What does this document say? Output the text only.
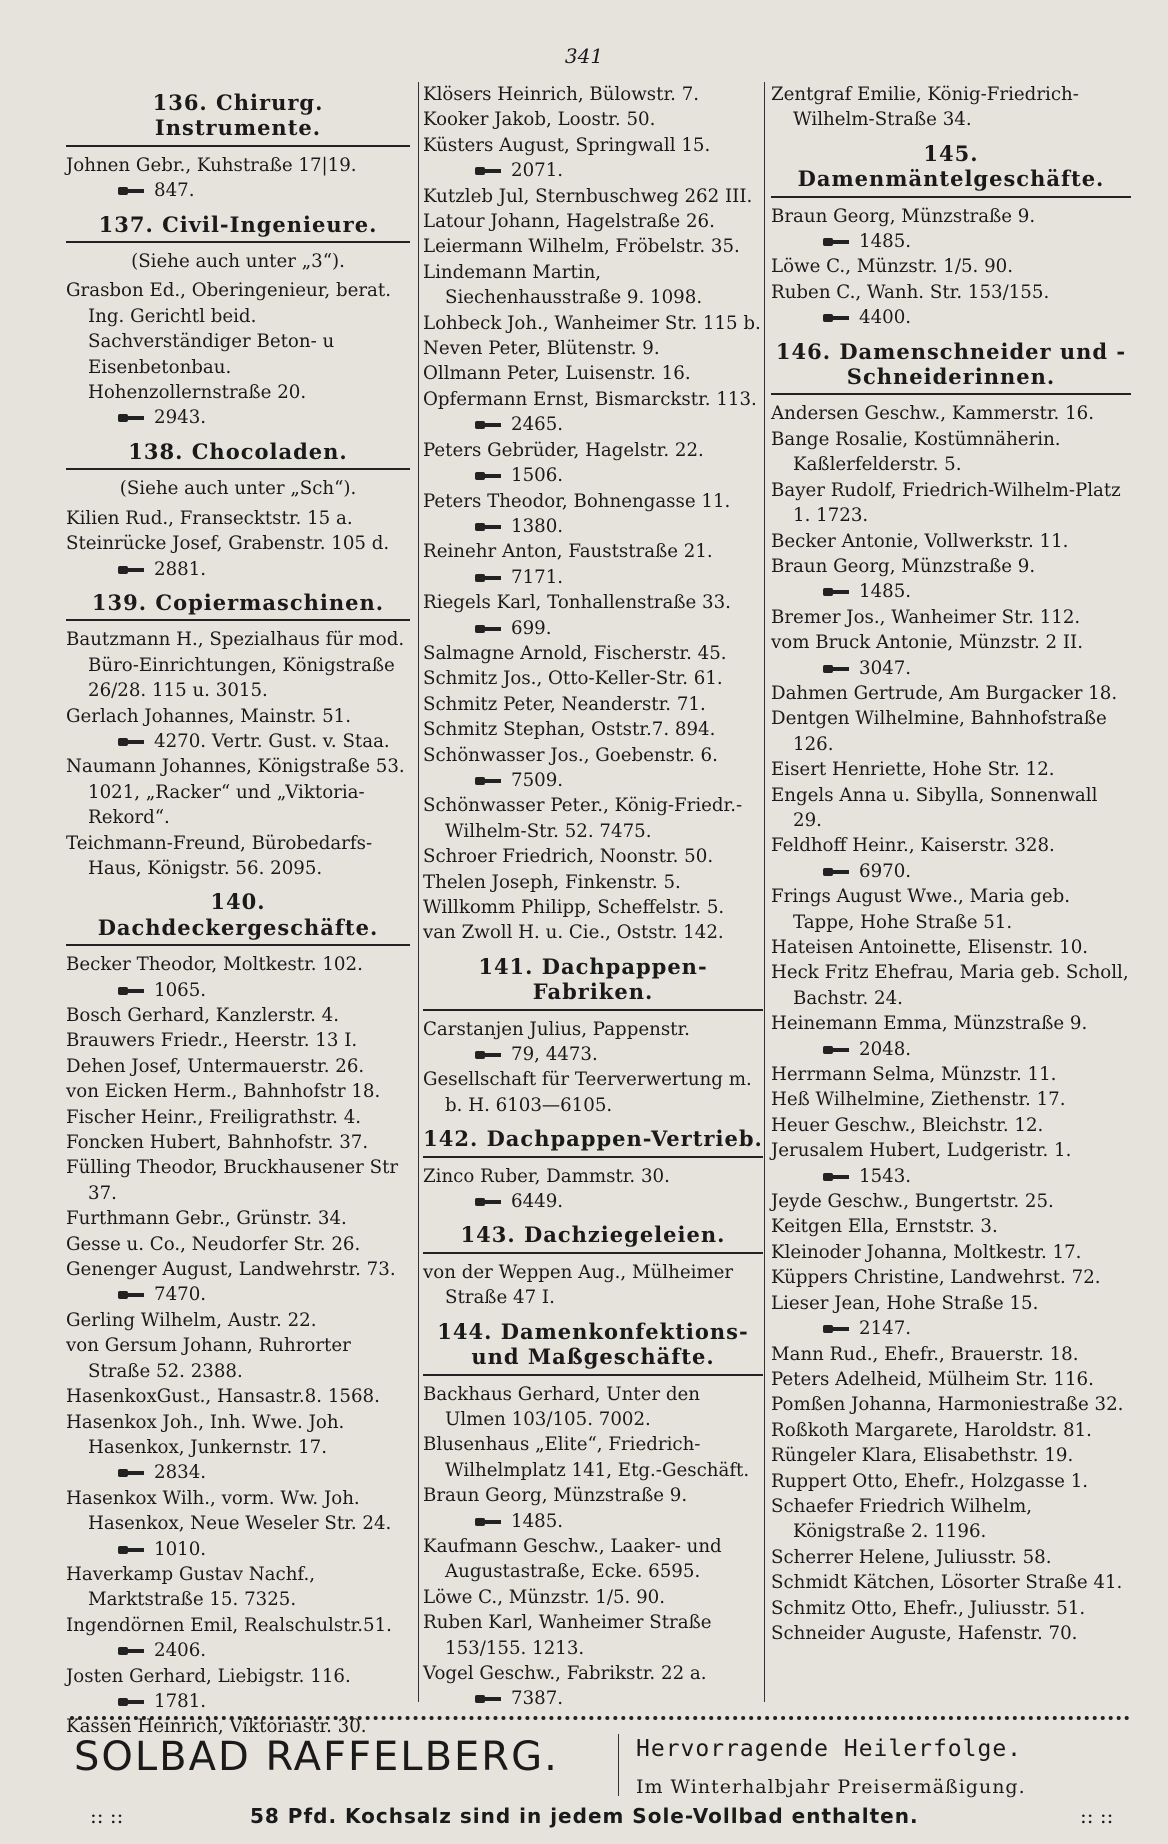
341
136. Chirurg. Instrumente.
Johnen Gebr., Kuhstraße 17|19.
847.
137. Civil-Ingenieure.
(Siehe auch unter „3“).
Grasbon Ed., Oberingenieur, berat. Ing. Gerichtl beid. Sachverständiger Beton- u Eisenbetonbau. Hohenzollernstraße 20.
2943.
138. Chocoladen.
(Siehe auch unter „Sch“).
Kilien Rud., Fransecktstr. 15 a.
Steinrücke Josef, Grabenstr. 105 d.
2881.
139. Copiermaschinen.
Bautzmann H., Spezialhaus für mod. Büro-Einrichtungen, Königstraße 26/28. 115 u. 3015.
Gerlach Johannes, Mainstr. 51.
4270. Vertr. Gust. v. Staa.
Naumann Johannes, Königstraße 53. 1021, „Racker“ und „Viktoria-Rekord“.
Teichmann-Freund, Bürobedarfs-Haus, Königstr. 56. 2095.
140. Dachdeckergeschäfte.
Becker Theodor, Moltkestr. 102.
1065.
Bosch Gerhard, Kanzlerstr. 4.
Brauwers Friedr., Heerstr. 13 I.
Dehen Josef, Untermauerstr. 26.
von Eicken Herm., Bahnhofstr 18.
Fischer Heinr., Freiligrathstr. 4.
Foncken Hubert, Bahnhofstr. 37.
Fülling Theodor, Bruckhausener Str 37.
Furthmann Gebr., Grünstr. 34.
Gesse u. Co., Neudorfer Str. 26.
Genenger August, Landwehrstr. 73.
7470.
Gerling Wilhelm, Austr. 22.
von Gersum Johann, Ruhrorter Straße 52. 2388.
HasenkoxGust., Hansastr.8. 1568.
Hasenkox Joh., Inh. Wwe. Joh. Hasenkox, Junkernstr. 17.
2834.
Hasenkox Wilh., vorm. Ww. Joh. Hasenkox, Neue Weseler Str. 24.
1010.
Haverkamp Gustav Nachf., Marktstraße 15. 7325.
Ingendörnen Emil, Realschulstr.51.
2406.
Josten Gerhard, Liebigstr. 116.
1781.
Kassen Heinrich, Viktoriastr. 30.
Klösers Heinrich, Bülowstr. 7.
Kooker Jakob, Loostr. 50.
Küsters August, Springwall 15.
2071.
Kutzleb Jul, Sternbuschweg 262 III.
Latour Johann, Hagelstraße 26.
Leiermann Wilhelm, Fröbelstr. 35.
Lindemann Martin, Siechenhausstraße 9. 1098.
Lohbeck Joh., Wanheimer Str. 115 b.
Neven Peter, Blütenstr. 9.
Ollmann Peter, Luisenstr. 16.
Opfermann Ernst, Bismarckstr. 113.
2465.
Peters Gebrüder, Hagelstr. 22.
1506.
Peters Theodor, Bohnengasse 11.
1380.
Reinehr Anton, Fauststraße 21.
7171.
Riegels Karl, Tonhallenstraße 33.
699.
Salmagne Arnold, Fischerstr. 45.
Schmitz Jos., Otto-Keller-Str. 61.
Schmitz Peter, Neanderstr. 71.
Schmitz Stephan, Oststr.7. 894.
Schönwasser Jos., Goebenstr. 6.
7509.
Schönwasser Peter., König-Friedr.-Wilhelm-Str. 52. 7475.
Schroer Friedrich, Noonstr. 50.
Thelen Joseph, Finkenstr. 5.
Willkomm Philipp, Scheffelstr. 5.
van Zwoll H. u. Cie., Oststr. 142.
141. Dachpappen-Fabriken.
Carstanjen Julius, Pappenstr.
79, 4473.
Gesellschaft für Teerverwertung m. b. H. 6103—6105.
142. Dachpappen-Vertrieb.
Zinco Ruber, Dammstr. 30.
6449.
143. Dachziegeleien.
von der Weppen Aug., Mülheimer Straße 47 I.
144. Damenkonfektions- und Maßgeschäfte.
Backhaus Gerhard, Unter den Ulmen 103/105. 7002.
Blusenhaus „Elite“, Friedrich-Wilhelmplatz 141, Etg.-Geschäft.
Braun Georg, Münzstraße 9.
1485.
Kaufmann Geschw., Laaker- und Augustastraße, Ecke. 6595.
Löwe C., Münzstr. 1/5. 90.
Ruben Karl, Wanheimer Straße 153/155. 1213.
Vogel Geschw., Fabrikstr. 22 a.
7387.
Zentgraf Emilie, König-Friedrich-Wilhelm-Straße 34.
145. Damenmäntelgeschäfte.
Braun Georg, Münzstraße 9.
1485.
Löwe C., Münzstr. 1/5. 90.
Ruben C., Wanh. Str. 153/155.
4400.
146. Damenschneider und -Schneiderinnen.
Andersen Geschw., Kammerstr. 16.
Bange Rosalie, Kostümnäherin. Kaßlerfelderstr. 5.
Bayer Rudolf, Friedrich-Wilhelm-Platz 1. 1723.
Becker Antonie, Vollwerkstr. 11.
Braun Georg, Münzstraße 9.
1485.
Bremer Jos., Wanheimer Str. 112.
vom Bruck Antonie, Münzstr. 2 II.
3047.
Dahmen Gertrude, Am Burgacker 18.
Dentgen Wilhelmine, Bahnhofstraße 126.
Eisert Henriette, Hohe Str. 12.
Engels Anna u. Sibylla, Sonnenwall 29.
Feldhoff Heinr., Kaiserstr. 328.
6970.
Frings August Wwe., Maria geb. Tappe, Hohe Straße 51.
Hateisen Antoinette, Elisenstr. 10.
Heck Fritz Ehefrau, Maria geb. Scholl, Bachstr. 24.
Heinemann Emma, Münzstraße 9.
2048.
Herrmann Selma, Münzstr. 11.
Heß Wilhelmine, Ziethenstr. 17.
Heuer Geschw., Bleichstr. 12.
Jerusalem Hubert, Ludgeristr. 1.
1543.
Jeyde Geschw., Bungertstr. 25.
Keitgen Ella, Ernststr. 3.
Kleinoder Johanna, Moltkestr. 17.
Küppers Christine, Landwehrst. 72.
Lieser Jean, Hohe Straße 15.
2147.
Mann Rud., Ehefr., Brauerstr. 18.
Peters Adelheid, Mülheim Str. 116.
Pomßen Johanna, Harmoniestraße 32.
Roßkoth Margarete, Haroldstr. 81.
Rüngeler Klara, Elisabethstr. 19.
Ruppert Otto, Ehefr., Holzgasse 1.
Schaefer Friedrich Wilhelm, Königstraße 2. 1196.
Scherrer Helene, Juliusstr. 58.
Schmidt Kätchen, Lösorter Straße 41.
Schmitz Otto, Ehefr., Juliusstr. 51.
Schneider Auguste, Hafenstr. 70.
SOLBAD RAFFELBERG.	Hervorragende Heilerfolge.
Im Winterhalbjahr Preisermäßigung.
:: ::	58 Pfd. Kochsalz sind in jedem Sole-Vollbad enthalten.	:: ::
